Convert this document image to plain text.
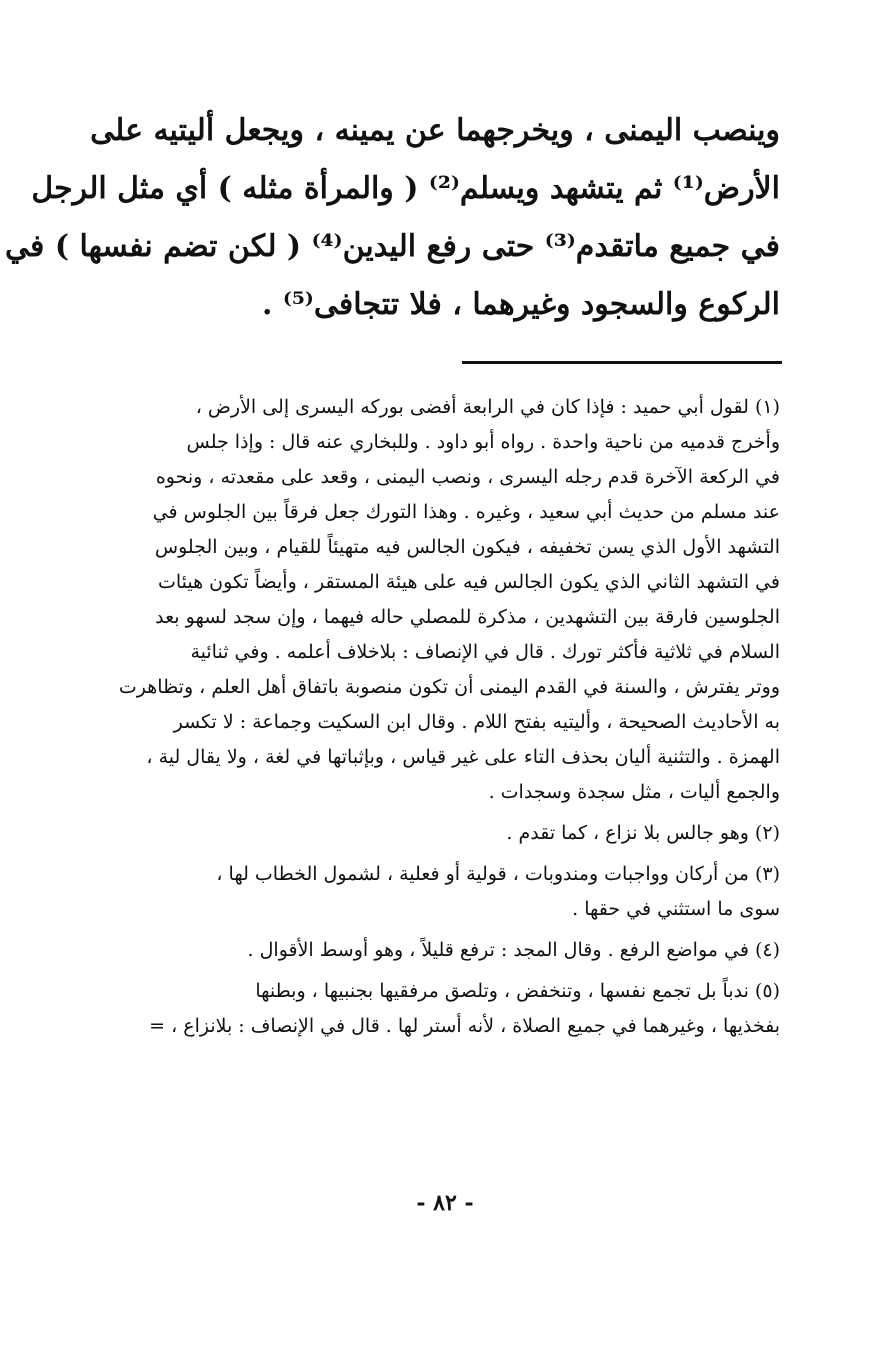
وينصب اليمنى ، ويخرجهما عن يمينه ، ويجعل أليتيه على
الأرض⁽¹⁾ ثم يتشهد ويسلم⁽²⁾ ( والمرأة مثله ) أي مثل الرجل
في جميع ماتقدم⁽³⁾ حتى رفع اليدين⁽⁴⁾ ( لكن تضم نفسها ) في
الركوع والسجود وغيرهما ، فلا تتجافى⁽⁵⁾ .
(١) لقول أبي حميد : فإذا كان في الرابعة أفضى بوركه اليسرى إلى الأرض ،
وأخرج قدميه من ناحية واحدة . رواه أبو داود . وللبخاري عنه قال : وإذا جلس
في الركعة الآخرة قدم رجله اليسرى ، ونصب اليمنى ، وقعد على مقعدته ، ونحوه
عند مسلم من حديث أبي سعيد ، وغيره . وهذا التورك جعل فرقاً بين الجلوس في
التشهد الأول الذي يسن تخفيفه ، فيكون الجالس فيه متهيئاً للقيام ، وبين الجلوس
في التشهد الثاني الذي يكون الجالس فيه على هيئة المستقر ، وأيضاً تكون هيئات
الجلوسين فارقة بين التشهدين ، مذكرة للمصلي حاله فيهما ، وإن سجد لسهو بعد
السلام في ثلاثية فأكثر تورك . قال في الإنصاف : بلاخلاف أعلمه . وفي ثنائية
ووتر يفترش ، والسنة في القدم اليمنى أن تكون منصوبة باتفاق أهل العلم ، وتظاهرت
به الأحاديث الصحيحة ، وأليتيه بفتح اللام . وقال ابن السكيت وجماعة : لا تكسر
الهمزة . والتثنية أليان بحذف التاء على غير قياس ، وبإثباتها في لغة ، ولا يقال لية ،
والجمع أليات ، مثل سجدة وسجدات .
(٢) وهو جالس بلا نزاع ، كما تقدم .
(٣) من أركان وواجبات ومندوبات ، قولية أو فعلية ، لشمول الخطاب لها ،
سوى ما استثني في حقها .
(٤) في مواضع الرفع . وقال المجد : ترفع قليلاً ، وهو أوسط الأقوال .
(٥) ندباً بل تجمع نفسها ، وتنخفض ، وتلصق مرفقيها بجنبيها ، وبطنها
بفخذيها ، وغيرهما في جميع الصلاة ، لأنه أستر لها . قال في الإنصاف : بلانزاع ، =
- ٨٢ -
